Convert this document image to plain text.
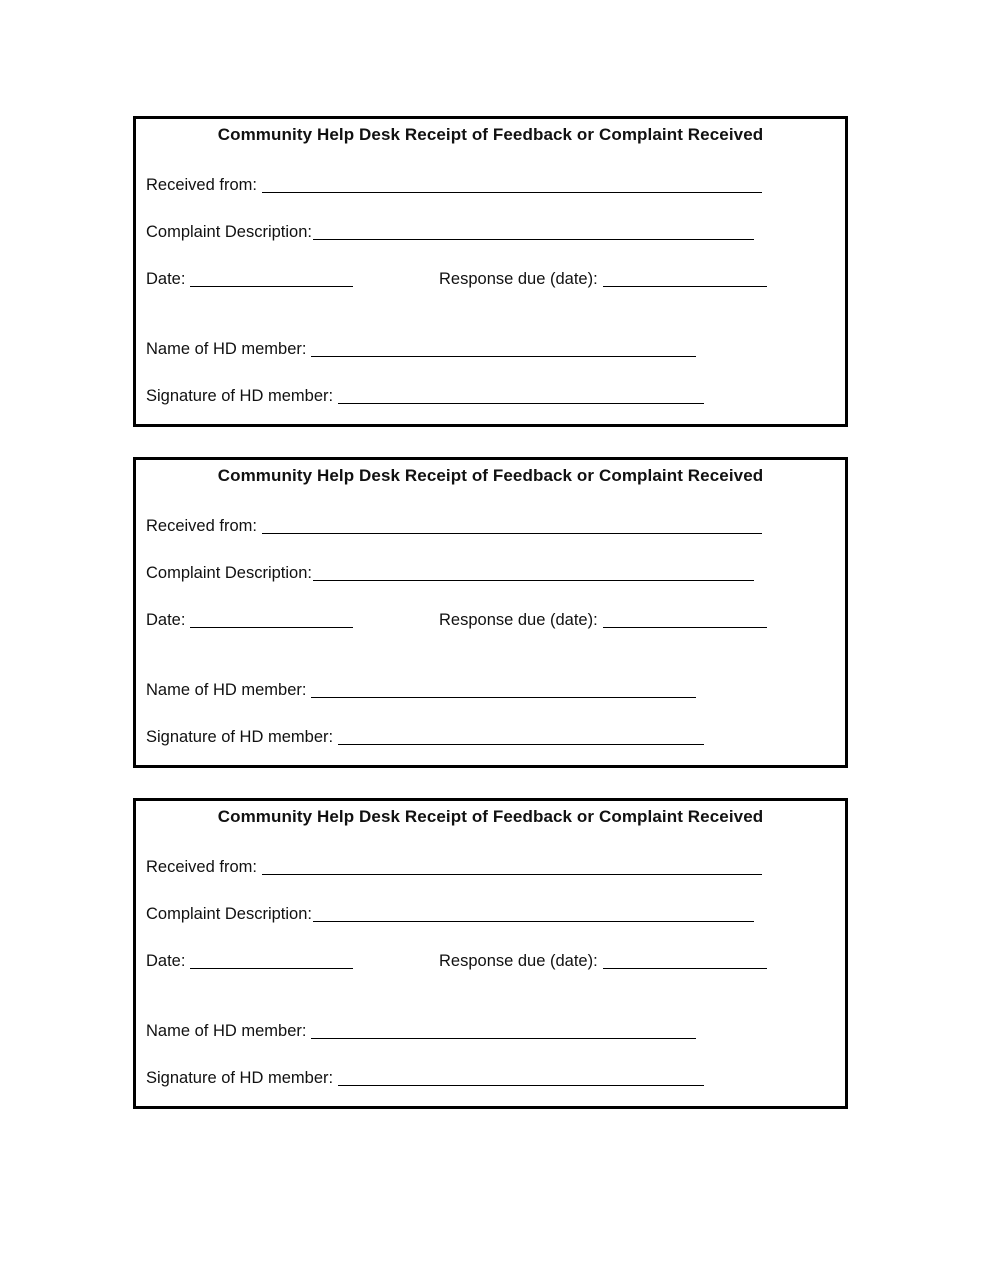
Community Help Desk Receipt of Feedback or Complaint Received
Received from:
Complaint Description:
Date:	Response due (date):
Name of HD member:
Signature of HD member:
Community Help Desk Receipt of Feedback or Complaint Received
Received from:
Complaint Description:
Date:	Response due (date):
Name of HD member:
Signature of HD member:
Community Help Desk Receipt of Feedback or Complaint Received
Received from:
Complaint Description:
Date:	Response due (date):
Name of HD member:
Signature of HD member:
